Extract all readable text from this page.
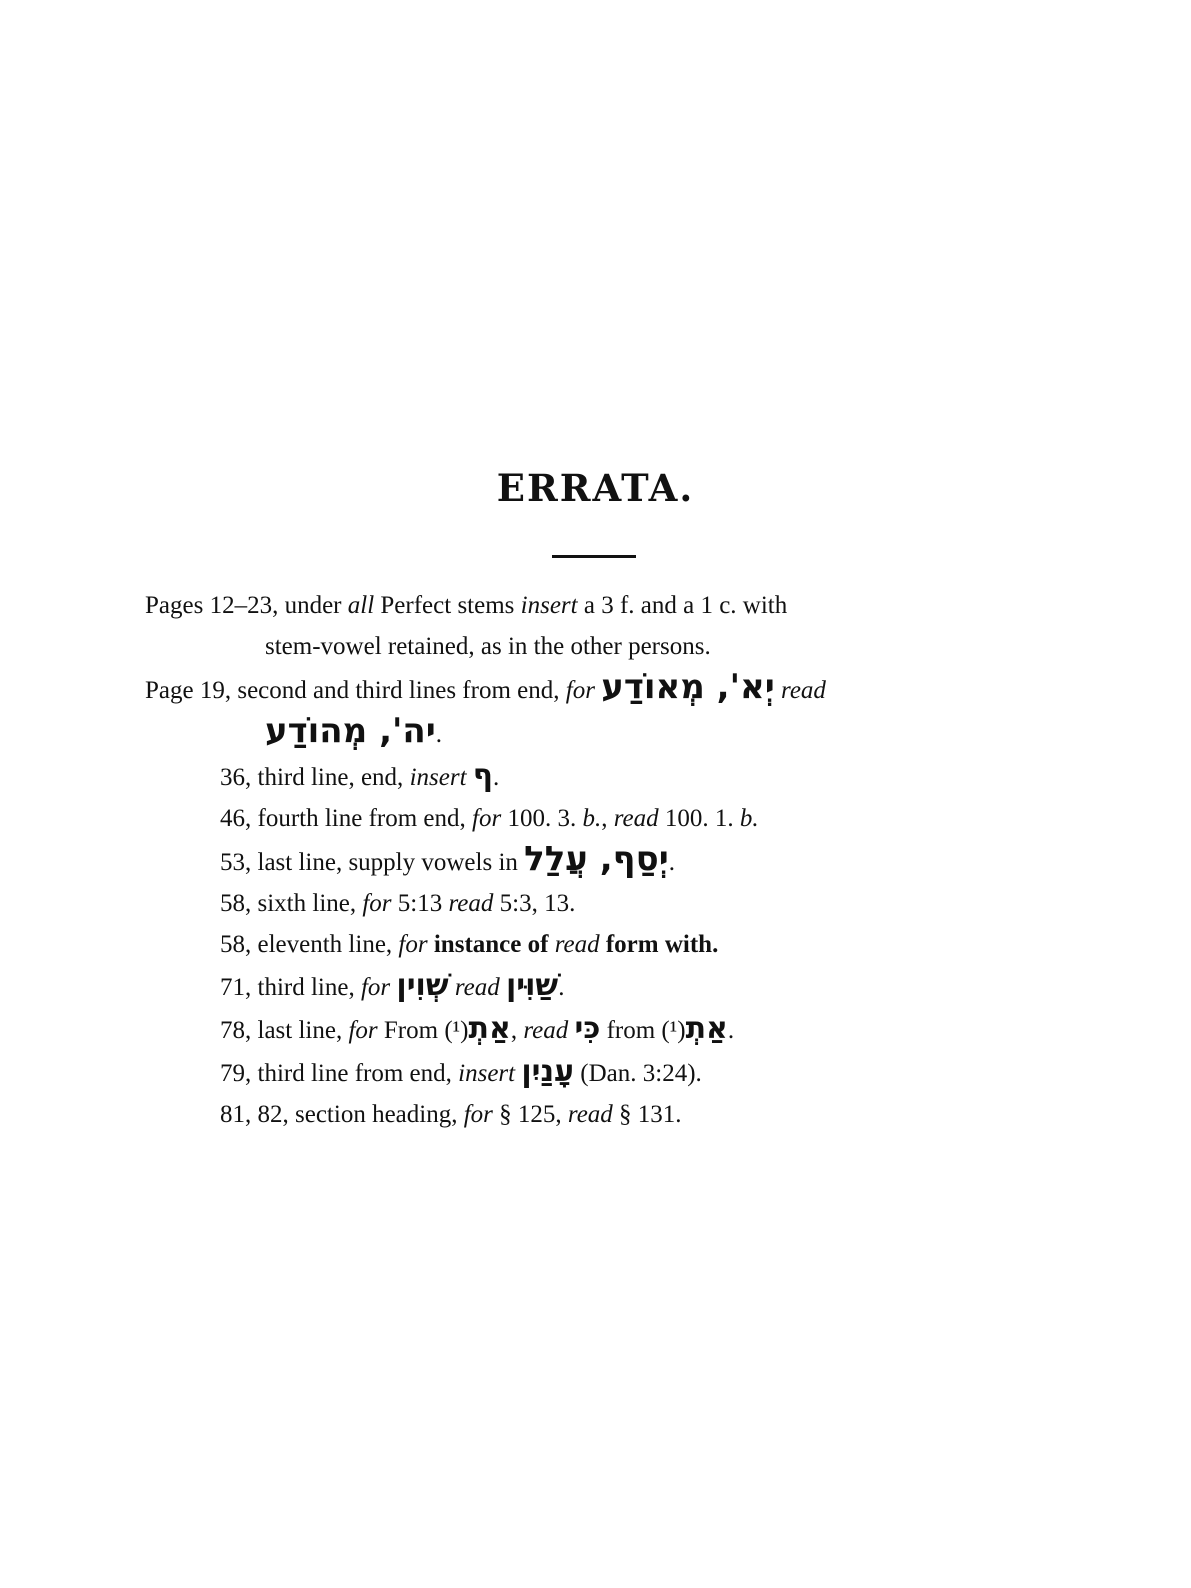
ERRATA.
Pages 12–23, under all Perfect stems insert a 3 f. and a 1 c. with
stem-vowel retained, as in the other persons.
Page 19, second and third lines from end, for יְא', מְאוֹדַע read
יה', מְהוֹדַע.
36, third line, end, insert ף.
46, fourth line from end, for 100. 3. b., read 100. 1. b.
53, last line, supply vowels in יְסַף, עֲלַל.
58, sixth line, for 5:13 read 5:3, 13.
58, eleventh line, for instance of read form with.
71, third line, for שְׁוִין read שַׁוִּין.
78, last line, for From (¹)אַתְ, read כִּי from (¹)אַתְ.
79, third line from end, insert עָנַיִן (Dan. 3:24).
81, 82, section heading, for § 125, read § 131.
